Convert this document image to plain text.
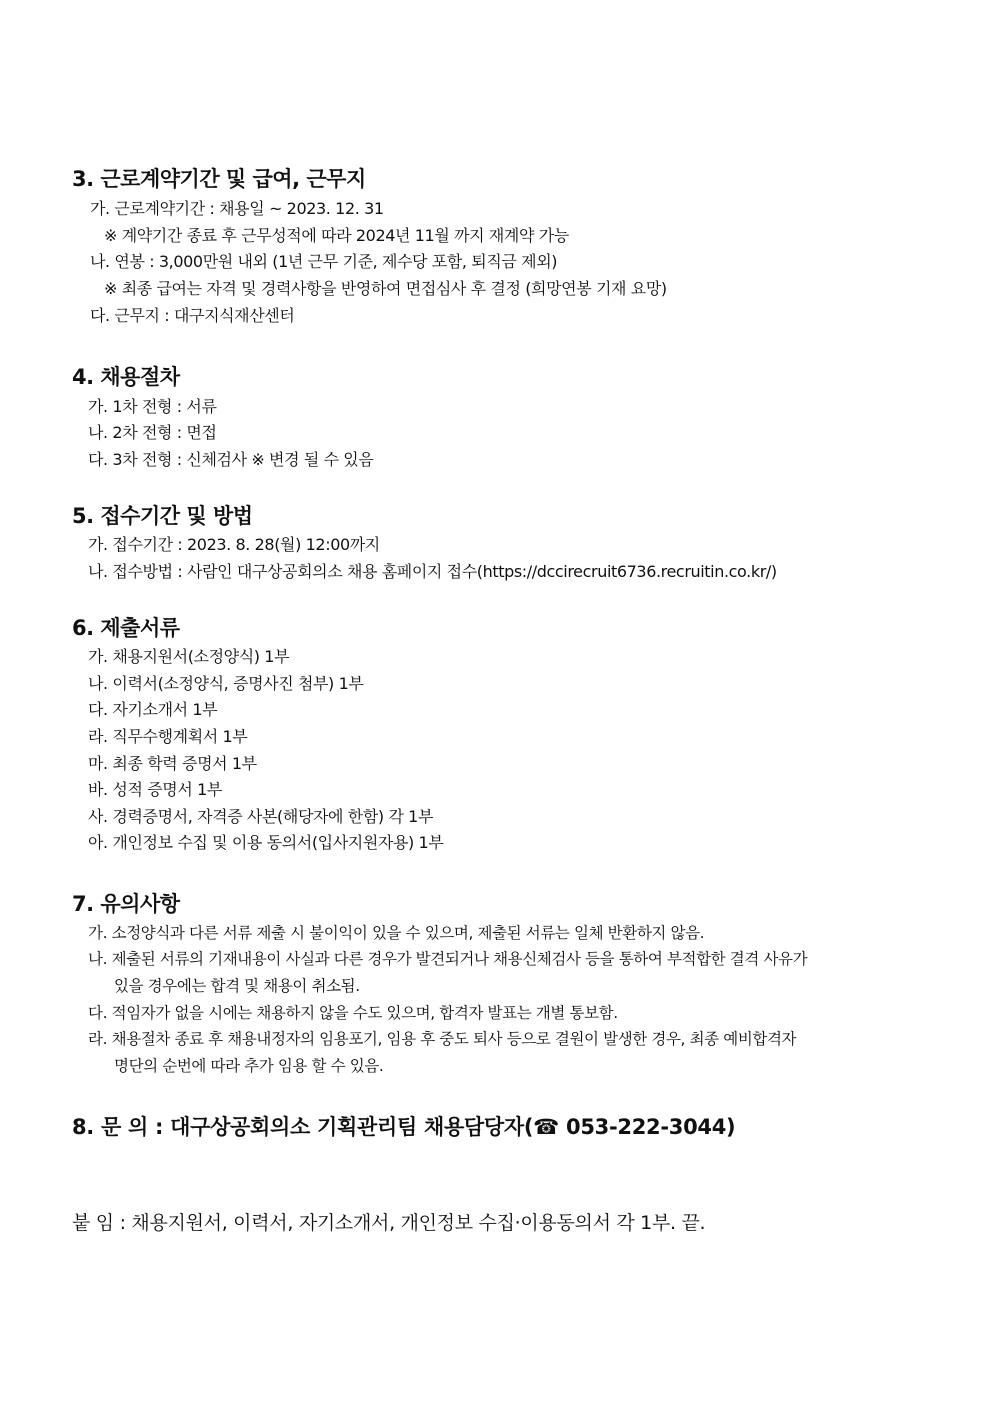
3. 근로계약기간 및 급여, 근무지
가. 근로계약기간 : 채용일 ~ 2023. 12. 31
※ 계약기간 종료 후 근무성적에 따라 2024년 11월 까지 재계약 가능
나. 연봉 : 3,000만원 내외 (1년 근무 기준, 제수당 포함, 퇴직금 제외)
※ 최종 급여는 자격 및 경력사항을 반영하여 면접심사 후 결정 (희망연봉 기재 요망)
다. 근무지 : 대구지식재산센터
4. 채용절차
가. 1차 전형 : 서류
나. 2차 전형 : 면접
다. 3차 전형 : 신체검사 ※ 변경 될 수 있음
5. 접수기간 및 방법
가. 접수기간 : 2023. 8. 28(월) 12:00까지
나. 접수방법 : 사람인 대구상공회의소 채용 홈페이지 접수(https://dccirecruit6736.recruitin.co.kr/)
6. 제출서류
가. 채용지원서(소정양식) 1부
나. 이력서(소정양식, 증명사진 첨부) 1부
다. 자기소개서 1부
라. 직무수행계획서 1부
마. 최종 학력 증명서 1부
바. 성적 증명서 1부
사. 경력증명서, 자격증 사본(해당자에 한함) 각 1부
아. 개인정보 수집 및 이용 동의서(입사지원자용) 1부
7. 유의사항
가. 소정양식과 다른 서류 제출 시 불이익이 있을 수 있으며, 제출된 서류는 일체 반환하지 않음.
나. 제출된 서류의 기재내용이 사실과 다른 경우가 발견되거나 채용신체검사 등을 통하여 부적합한 결격 사유가
있을 경우에는 합격 및 채용이 취소됨.
다. 적임자가 없을 시에는 채용하지 않을 수도 있으며, 합격자 발표는 개별 통보함.
라. 채용절차 종료 후 채용내정자의 임용포기, 임용 후 중도 퇴사 등으로 결원이 발생한 경우, 최종 예비합격자
명단의 순번에 따라 추가 임용 할 수 있음.
8. 문 의 : 대구상공회의소 기획관리팀 채용담당자(☎ 053-222-3044)
붙 임 : 채용지원서, 이력서, 자기소개서, 개인정보 수집·이용동의서 각 1부. 끝.
